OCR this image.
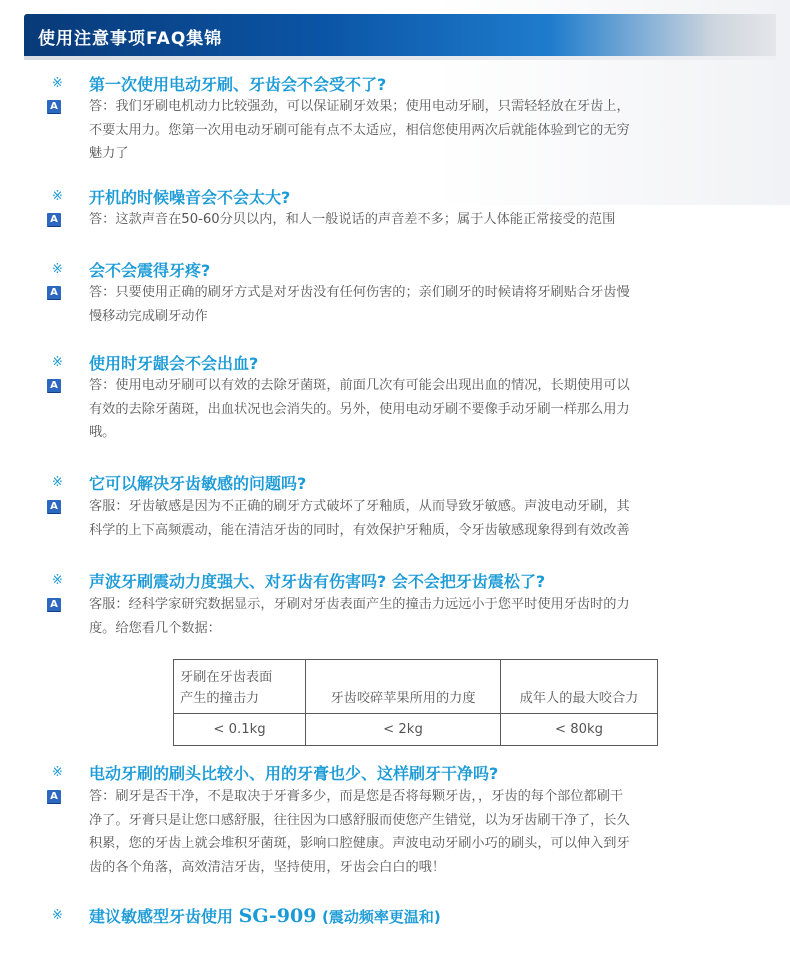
使用注意事项FAQ集锦
※ 第一次使用电动牙刷、牙齿会不会受不了?
A 答：我们牙刷电机动力比较强劲，可以保证刷牙效果；使用电动牙刷，只需轻轻放在牙齿上，
不要太用力。您第一次用电动牙刷可能有点不太适应，相信您使用两次后就能体验到它的无穷
魅力了
※ 开机的时候噪音会不会太大?
A 答：这款声音在50-60分贝以内，和人一般说话的声音差不多；属于人体能正常接受的范围
※ 会不会震得牙疼?
A 答：只要使用正确的刷牙方式是对牙齿没有任何伤害的；亲们刷牙的时候请将牙刷贴合牙齿慢
慢移动完成刷牙动作
※ 使用时牙龈会不会出血?
A 答：使用电动牙刷可以有效的去除牙菌斑，前面几次有可能会出现出血的情况，长期使用可以
有效的去除牙菌斑，出血状况也会消失的。另外，使用电动牙刷不要像手动牙刷一样那么用力
哦。
※ 它可以解决牙齿敏感的问题吗?
A 客服：牙齿敏感是因为不正确的刷牙方式破坏了牙釉质，从而导致牙敏感。声波电动牙刷，其
科学的上下高频震动，能在清洁牙齿的同时，有效保护牙釉质，令牙齿敏感现象得到有效改善
※ 声波牙刷震动力度强大、对牙齿有伤害吗? 会不会把牙齿震松了?
A 客服：经科学家研究数据显示，牙刷对牙齿表面产生的撞击力远远小于您平时使用牙齿时的力
度。给您看几个数据：
牙刷在牙齿表面
产生的撞击力	牙齿咬碎苹果所用的力度	成年人的最大咬合力
< 0.1kg	< 2kg	< 80kg
※ 电动牙刷的刷头比较小、用的牙膏也少、这样刷牙干净吗?
A 答：刷牙是否干净，不是取决于牙膏多少，而是您是否将每颗牙齿，，牙齿的每个部位都刷干
净了。牙膏只是让您口感舒服，往往因为口感舒服而使您产生错觉，以为牙齿刷干净了，长久
积累，您的牙齿上就会堆积牙菌斑，影响口腔健康。声波电动牙刷小巧的刷头，可以伸入到牙
齿的各个角落，高效清洁牙齿，坚持使用，牙齿会白白的哦！
※ 建议敏感型牙齿使用 SG-909 (震动频率更温和)
